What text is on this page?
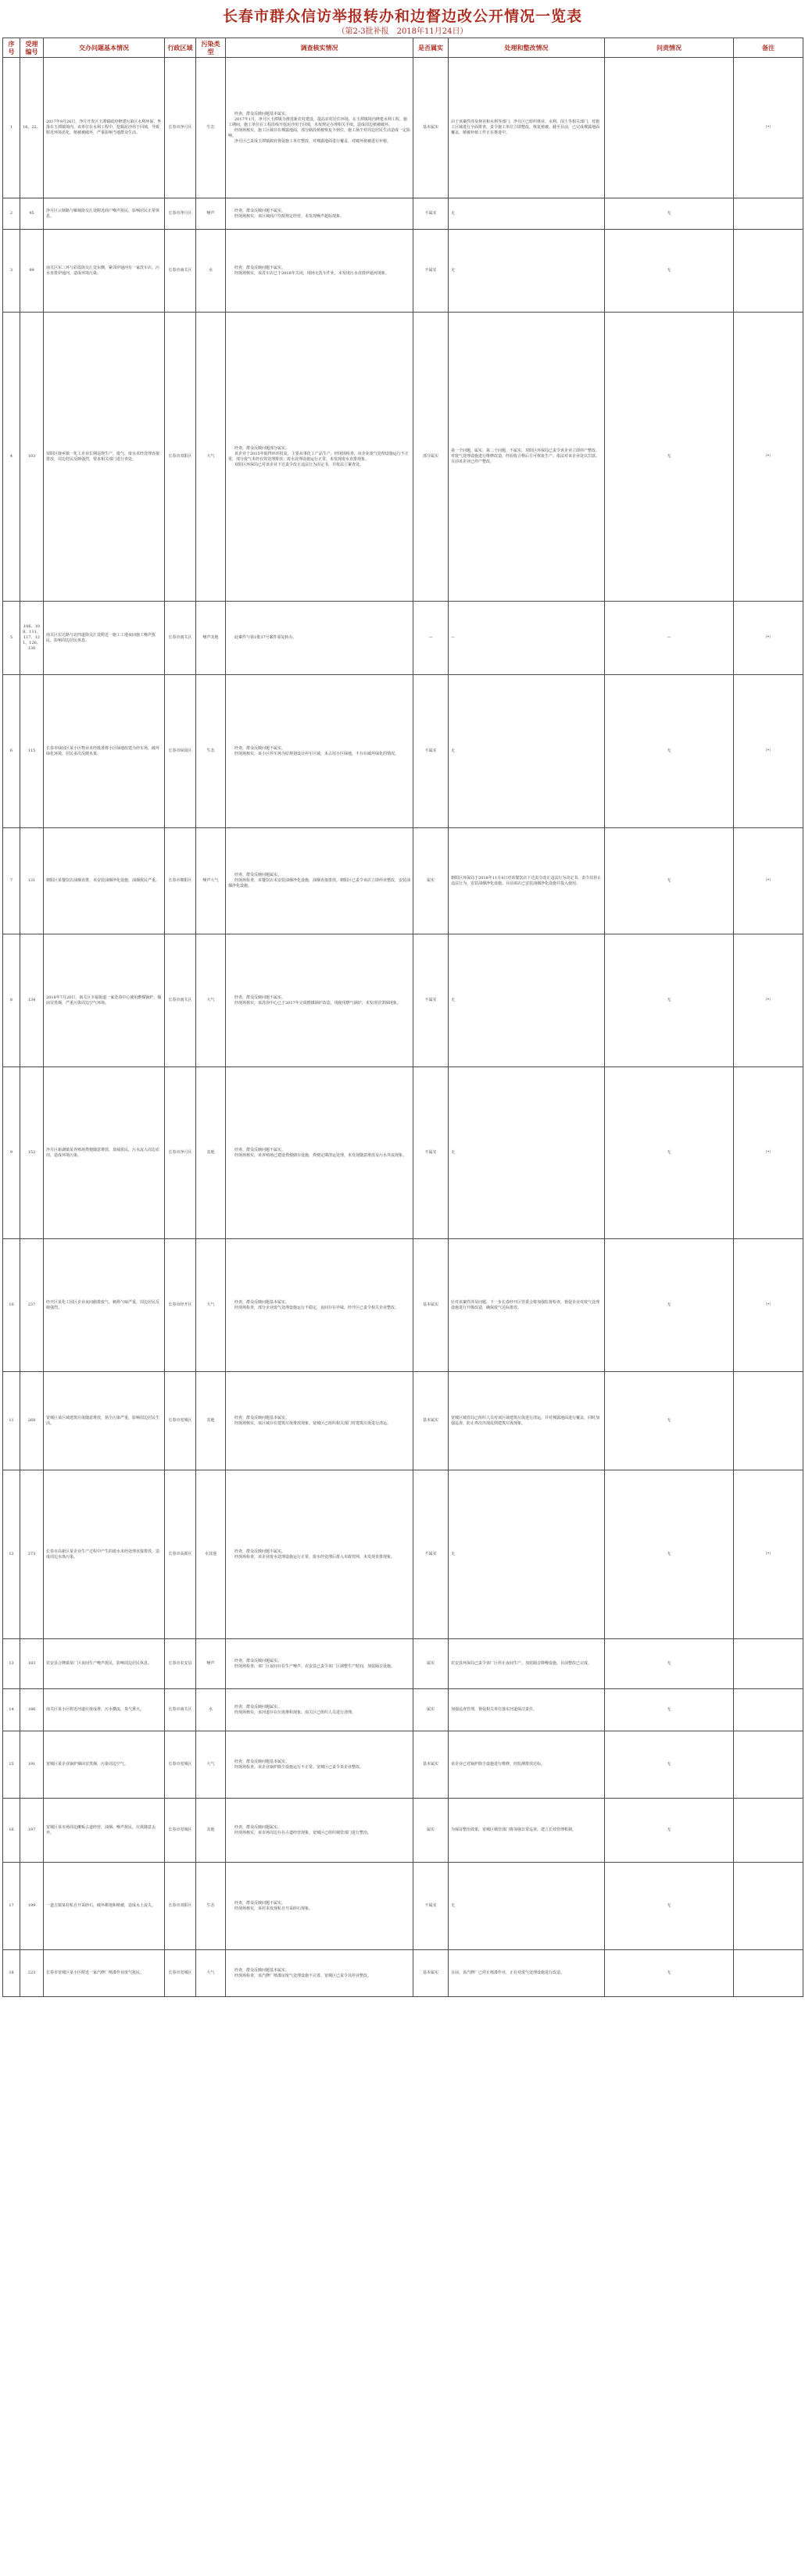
长春市群众信访举报转办和边督边改公开情况一览表
（第2-3批补报　2018年11月24日）
序号	受理编号	交办问题基本情况	行政区域	污染类型	调查核实情况	是否属实	处理和整改情况	问责情况	备注
1	16、22、	2017年9月26日，净月开发区玉潭镇政府修建污染区水利环保，坐落在玉潭镇境内，该单位在水利工程中，挖掘泥沙用于回填，导致附近环境恶化，植被被破坏，严重影响当地群众生活。	长春市净月区	生态	经查，群众反映问题基本属实。
2017年1月，净月区玉潭镇为推进新农村建设，提高农村居住环境，在玉潭镇境内修建水利工程。施工期间，施工单位在工程沿线开挖泥沙用于回填，未按规定办理相关手续，造成周边植被破坏。
经现场核实，施工区域存在裸露地面，部分路段植被恢复不到位，施工扬尘对周边居民生活造成一定影响。
净月区已责成玉潭镇政府督促施工单位整改，对裸露地面进行覆盖，对破坏植被进行补植。	基本属实	由于该案件涉及林业和水利等部门，净月区已组织林业、水利、国土等相关部门，对施工区域进行全面排查，责令施工单位立即整改，恢复植被。截至目前，已完成裸露地面覆盖，植被补植工作正在推进中。		（*）
2	95	净月区云鼎路与雁城街交汇处附近商户噪声扰民，影响居民正常休息。	长春市净月区	噪声	经查，群众反映问题不属实。
经现场核实，该区域商户均按规定经营，未发现噪声超标现象。	不属实	无	无	
3	99	南关区东三环与彩霞街交汇处东侧，紧邻伊通河有一家洗车店，污水直排伊通河，造成环境污染。	长春市南关区	水	经查，群众反映问题不属实。
经现场核实，该洗车店已于2018年关闭，现场无洗车作业，未发现污水直排伊通河现象。	不属实	无	无	
4	103	双阳区鹿乡镇一化工企业长期违规生产，废气、废水未经处理直接排放，周边村民反映强烈，要求相关部门进行查处。	长春市双阳区	大气	经查，群众反映问题部分属实。
该企业于2015年取得环评批复，主要从事化工产品生产。经现场检查，该企业废气处理设施运行不正常，部分废气未经有效处理排放；废水处理设施运行正常，未发现废水直排现象。
双阳区环保局已对该企业下达责令改正违法行为决定书，并依法立案查处。	部分属实	第一个问题，属实。第二个问题，不属实。双阳区环保局已责令该企业立即停产整改，对废气处理设施进行维修改造，经验收合格后方可恢复生产。依法对该企业处以罚款。目前该企业已停产整改。	无	（*）
5	106、108、111、117、121、126、130	南关区宏达路与北四道街交汇处附近一施工工地夜间施工噪声扰民，影响周边居民休息。	长春市南关区	噪声其他	此案件与第1批37号案件重复转办。	—	—	—	（*）
6	115	长春市绿园区某小区物业未经批准将小区绿地改建为停车场，破坏绿化环境，居民多次反映未果。	长春市绿园区	生态	经查，群众反映问题不属实。
经现场核实，该小区停车场为原规划设计停车区域，未占用小区绿地，不存在破坏绿化的情况。	不属实	无	无	（*）
7	131	朝阳区某餐饮店油烟直排，未安装油烟净化设施，油烟扰民严重。	长春市朝阳区	噪声大气	经查，群众反映问题属实。
经现场检查，该餐饮店未安装油烟净化设施，油烟直接排放。朝阳区已责令该店立即停业整改，安装油烟净化设施。	属实	朝阳区环保局于2018年11月4日对该餐饮店下达责令改正违法行为决定书，责令其停止违法行为，安装油烟净化设施。目前该店已安装油烟净化设施并投入使用。	无	（*）
8	134	2018年7月20日，南关区幸福街道一家洗浴中心使用燃煤锅炉，烟囱冒黑烟，严重污染周边空气环境。	长春市南关区	大气	经查，群众反映问题不属实。
经现场核实，该洗浴中心已于2017年完成燃煤锅炉改造，现使用燃气锅炉，未发现冒黑烟现象。	不属实	无	无	（*）
9	152	净月区新湖镇某养殖场粪便随意堆放，臭味扰民，污水流入周边农田，造成环境污染。	长春市净月区	其他	经查，群众反映问题不属实。
经现场核实，该养殖场已建设粪便储存设施，粪便定期清运处理，未发现随意堆放及污水外流现象。	不属实	无	无	（*）
10	237	经开区某化工园区企业夜间偷排废气，刺鼻气味严重，周边居民反映强烈。	长春市经开区	大气	经查，群众反映问题基本属实。
经现场检查，部分企业废气处理设施运行不稳定，夜间存在异味。经开区已责令相关企业整改。	基本属实	针对该案件涉及问题，下一步长春经开区管委会将加强监督检查，督促企业对废气处理设施进行升级改造，确保废气达标排放。	无	（*）
11	268	宽城区某区域建筑垃圾随意堆放，扬尘污染严重，影响周边居民生活。	长春市宽城区	其他	经查，群众反映问题基本属实。
经现场核实，该区域存在建筑垃圾堆放现象。宽城区已组织相关部门对建筑垃圾进行清运。	基本属实	宽城区城管局已组织人员对该区域建筑垃圾进行清运，并对裸露地面进行覆盖，同时加强巡查，防止再次出现乱倒建筑垃圾现象。	无	
12	273	长春市高新区某企业生产过程中产生的废水未经处理直接排放，造成周边水体污染。	长春市高新区	水其他	经查，群众反映问题不属实。
经现场检查，该企业废水处理设施运行正常，废水经处理后排入市政管网，未发现直排现象。	不属实	无	无	（*）
13	183	农安县合隆镇某厂区夜间生产噪声扰民，影响周边居民休息。	长春市农安县	噪声	经查，群众反映问题属实。
经现场检查，该厂区夜间存在生产噪声。农安县已责令该厂区调整生产时间，加装隔音设施。	属实	农安县环保局已责令该厂区停止夜间生产，加装隔音降噪设施，目前整改已完成。	无	
14	186	南关区某小区附近河道垃圾成堆，污水横流，臭气熏天。	长春市南关区	水	经查，群众反映问题属实。
经现场核实，该河道存在垃圾堆积现象。南关区已组织人员进行清理。	属实	加强巡查管理，督促相关单位落实河道保洁责任。	无	
15	191	宽城区某企业锅炉烟囱冒黑烟，污染周边空气。	长春市宽城区	大气	经查，群众反映问题基本属实。
经现场检查，该企业锅炉除尘设施运行不正常。宽城区已责令该企业整改。	基本属实	该企业已对锅炉除尘设施进行维修，经监测排放达标。	无	
16	197	宽城区某市场周边摊贩占道经营，油烟、噪声扰民，垃圾随意丢弃。	长春市宽城区	其他	经查，群众反映问题属实。
经现场核实，该市场周边存在占道经营现象。宽城区已组织城管部门进行整治。	属实	为保证整治效果，宽城区城管部门将加强日常巡查，建立长效管理机制。	无	
17	199	一道吉镇某村私自开采砂石，破坏耕地和植被，造成水土流失。	长春市双阳区	生态	经查，群众反映问题不属实。
经现场核实，该村未发现私自开采砂石现象。	不属实	无	无	
18	223	长春市宽城区某小区附近一家汽修厂喷漆作业废气扰民。	长春市宽城区	大气	经查，群众反映问题基本属实。
经现场检查，该汽修厂喷漆房废气处理设施不完善。宽城区已责令其停业整改。	基本属实	目前，该汽修厂已停止喷漆作业，正在对废气处理设施进行改造。	无	
